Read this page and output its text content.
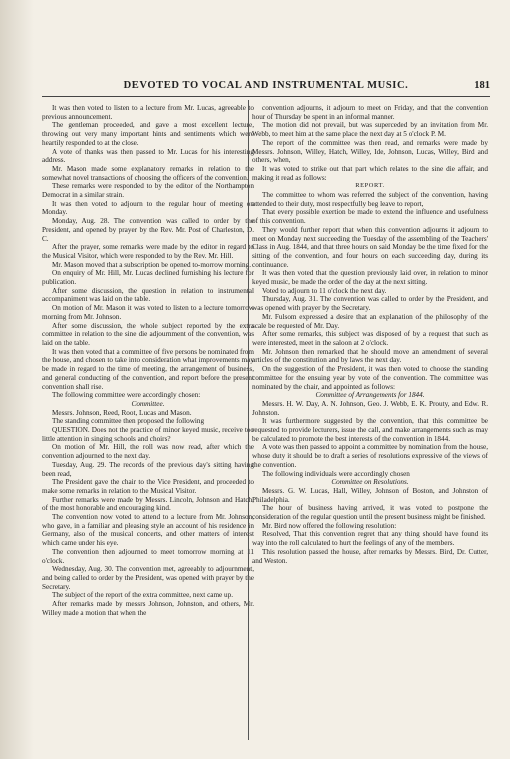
DEVOTED TO VOCAL AND INSTRUMENTAL MUSIC.	181

It was then voted to listen to a lecture from Mr. Lucas, agreeable to previous announcement.

The gentleman proceeded, and gave a most excellent lecture, throwing out very many important hints and sentiments which were heartily responded to at the close.

A vote of thanks was then passed to Mr. Lucas for his interesting address.

Mr. Mason made some explanatory remarks in relation to the somewhat novel transactions of choosing the officers of the convention.

These remarks were responded to by the editor of the Northampton Democrat in a similar strain.

It was then voted to adjourn to the regular hour of meeting on Monday.

Monday, Aug. 28. The convention was called to order by the President, and opened by prayer by the Rev. Mr. Post of Charleston, D. C.

After the prayer, some remarks were made by the editor in regard to the Musical Visitor, which were responded to by the Rev. Mr. Hill.

Mr. Mason moved that a subscription be opened to-morrow morning.

On enquiry of Mr. Hill, Mr. Lucas declined furnishing his lecture for publication.

After some discussion, the question in relation to instrumental accompaniment was laid on the table.

On motion of Mr. Mason it was voted to listen to a lecture tomorrow morning from Mr. Johnson.

After some discussion, the whole subject reported by the extra committee in relation to the sine die adjournment of the convention, was laid on the table.

It was then voted that a committee of five persons be nominated from the house, and chosen to take into consideration what improvements may be made in regard to the time of meeting, the arrangement of business, and general conducting of the convention, and report before the present convention shall rise.

The following committee were accordingly chosen:

Committee.

Messrs. Johnson, Reed, Root, Lucas and Mason.

The standing committee then proposed the following

QUESTION. Does not the practice of minor keyed music, receive too little attention in singing schools and choirs?

On motion of Mr. Hill, the roll was now read, after which the convention adjourned to the next day.

Tuesday, Aug. 29. The records of the previous day's sitting having been read,

The President gave the chair to the Vice President, and proceeded to make some remarks in relation to the Musical Visitor.

Further remarks were made by Messrs. Lincoln, Johnson and Hatch, of the most honorable and encouraging kind.

The convention now voted to attend to a lecture from Mr. Johnson, who gave, in a familiar and pleasing style an account of his residence in Germany, also of the musical concerts, and other matters of interest which came under his eye.

The convention then adjourned to meet tomorrow morning at 11 o'clock.

Wednesday, Aug. 30. The convention met, agreeably to adjournment, and being called to order by the President, was opened with prayer by the Secretary.

The subject of the report of the extra committee, next came up.

After remarks made by messrs Johnson, Johnston, and others, Mr. Willey made a motion that when the

convention adjourns, it adjourn to meet on Friday, and that the convention hour of Thursday be spent in an informal manner.

The motion did not prevail, but was superceded by an invitation from Mr. Webb, to meet him at the same place the next day at 5 o'clock P. M.

The report of the committee was then read, and remarks were made by Messrs. Johnson, Willey, Hatch, Willey, Ide, Johnson, Lucas, Willey, Bird and others, when,

It was voted to strike out that part which relates to the sine die affair, and making it read as follows:

REPORT.

The committee to whom was referred the subject of the convention, having attended to their duty, most respectfully beg leave to report,

That every possible exertion be made to extend the influence and usefulness of this convention.

They would further report that when this convention adjourns it adjourn to meet on Monday next succeeding the Tuesday of the assembling of the Teachers' Class in Aug. 1844, and that three hours on said Monday be the time fixed for the sitting of the convention, and four hours on each succeeding day, during its continuance.

It was then voted that the question previously laid over, in relation to minor keyed music, be made the order of the day at the next sitting.

Voted to adjourn to 11 o'clock the next day.

Thursday, Aug. 31. The convention was called to order by the President, and was opened with prayer by the Secretary.

Mr. Fulsom expressed a desire that an explanation of the philosophy of the scale be requested of Mr. Day.

After some remarks, this subject was disposed of by a request that such as were interested, meet in the saloon at 2 o'clock.

Mr. Johnson then remarked that he should move an amendment of several articles of the constitution and by laws the next day.

On the suggestion of the President, it was then voted to choose the standing committee for the ensuing year by vote of the convention. The committee was nominated by the chair, and appointed as follows:

Committee of Arrangements for 1844.

Messrs. H. W. Day, A. N. Johnson, Geo. J. Webb, E. K. Prouty, and Edw. R. Johnston.

It was furthermore suggested by the convention, that this committee be requested to provide lecturers, issue the call, and make arrangements such as may be calculated to promote the best interests of the convention in 1844.

A vote was then passed to appoint a committee by nomination from the house, whose duty it should be to draft a series of resolutions expressive of the views of the convention.

The following individuals were accordingly chosen

Committee on Resolutions.

Messrs. G. W. Lucas, Hall, Willey, Johnson of Boston, and Johnston of Philadelphia.

The hour of business having arrived, it was voted to postpone the consideration of the regular question until the present business might be finished.

Mr. Bird now offered the following resolution:

Resolved, That this convention regret that any thing should have found its way into the roll calculated to hurt the feelings of any of the members.

This resolution passed the house, after remarks by Messrs. Bird, Dr. Cutter, and Weston.
